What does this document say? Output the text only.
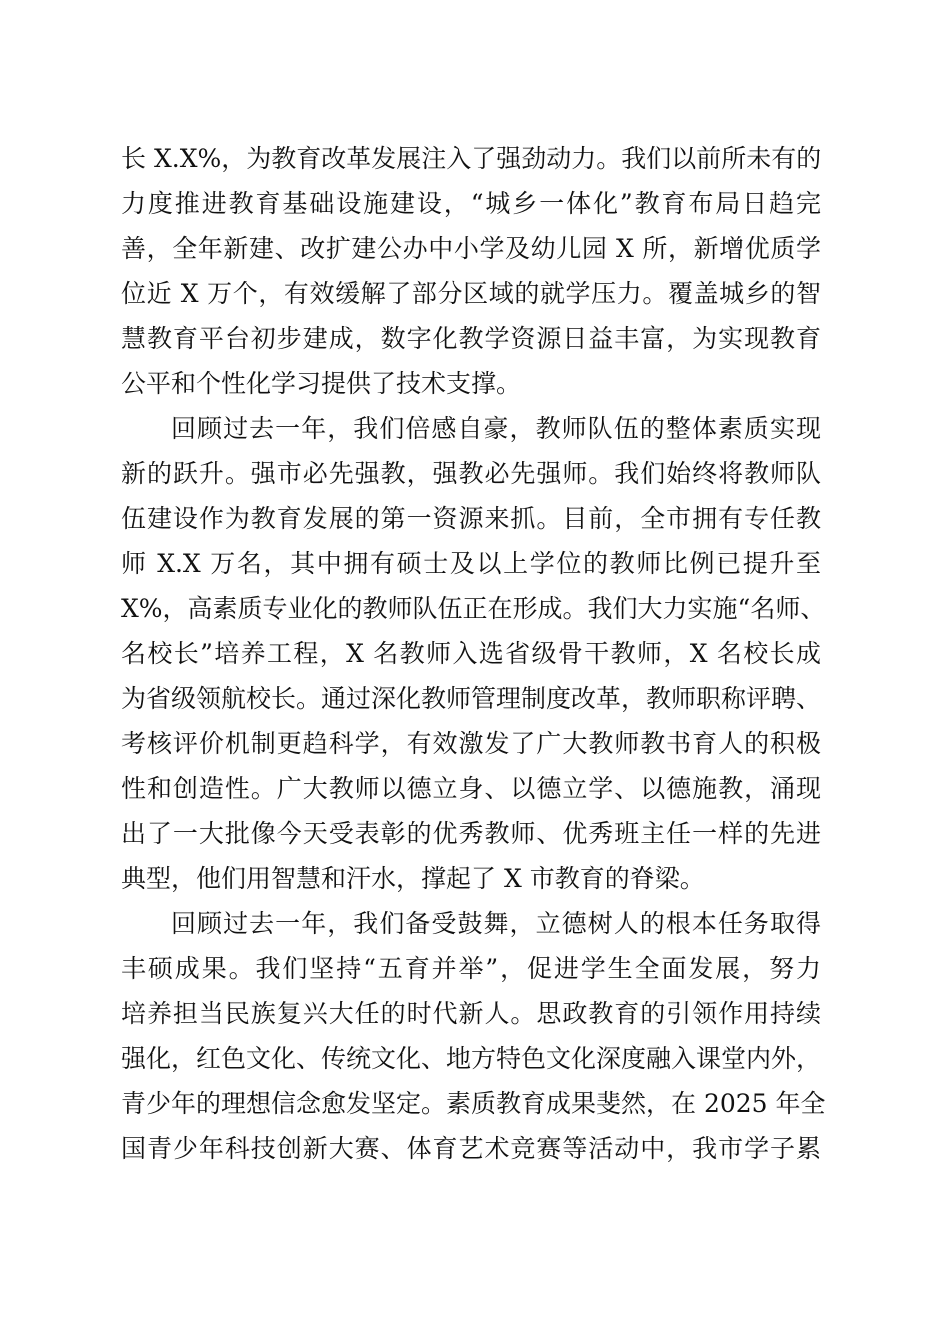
长 X.X%，为教育改革发展注入了强劲动力。我们以前所未有的
力度推进教育基础设施建设，“城乡一体化”教育布局日趋完
善，全年新建、改扩建公办中小学及幼儿园 X 所，新增优质学
位近 X 万个，有效缓解了部分区域的就学压力。覆盖城乡的智
慧教育平台初步建成，数字化教学资源日益丰富，为实现教育
公平和个性化学习提供了技术支撑。
回顾过去一年，我们倍感自豪，教师队伍的整体素质实现
新的跃升。强市必先强教，强教必先强师。我们始终将教师队
伍建设作为教育发展的第一资源来抓。目前，全市拥有专任教
师 X.X 万名，其中拥有硕士及以上学位的教师比例已提升至
X%，高素质专业化的教师队伍正在形成。我们大力实施“名师、
名校长”培养工程，X 名教师入选省级骨干教师，X 名校长成
为省级领航校长。通过深化教师管理制度改革，教师职称评聘、
考核评价机制更趋科学，有效激发了广大教师教书育人的积极
性和创造性。广大教师以德立身、以德立学、以德施教，涌现
出了一大批像今天受表彰的优秀教师、优秀班主任一样的先进
典型，他们用智慧和汗水，撑起了 X 市教育的脊梁。
回顾过去一年，我们备受鼓舞，立德树人的根本任务取得
丰硕成果。我们坚持“五育并举”，促进学生全面发展，努力
培养担当民族复兴大任的时代新人。思政教育的引领作用持续
强化，红色文化、传统文化、地方特色文化深度融入课堂内外，
青少年的理想信念愈发坚定。素质教育成果斐然，在 2025 年全
国青少年科技创新大赛、体育艺术竞赛等活动中，我市学子累
